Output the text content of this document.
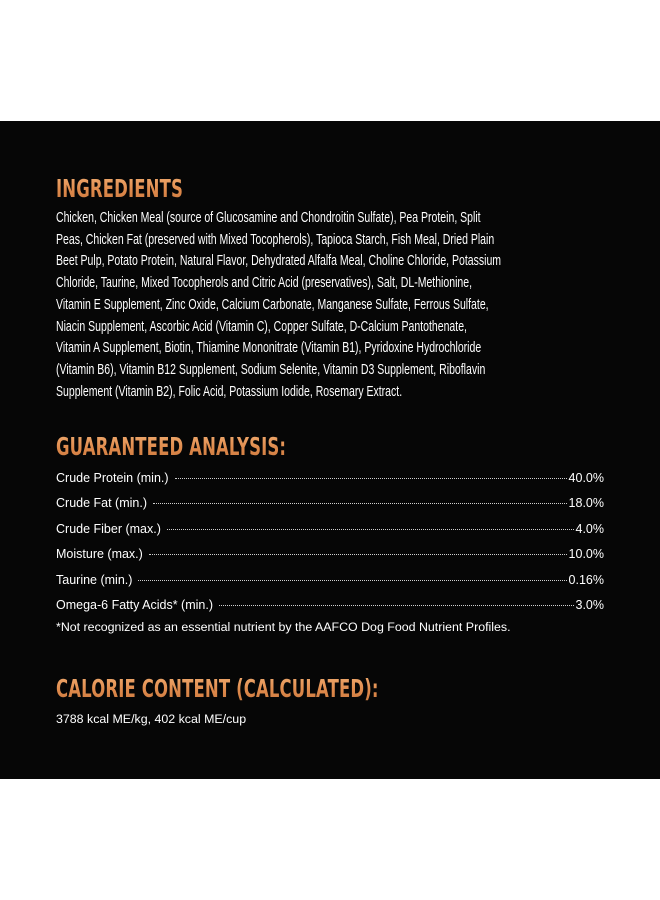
INGREDIENTS
Chicken, Chicken Meal (source of Glucosamine and Chondroitin Sulfate), Pea Protein, Split
Peas, Chicken Fat (preserved with Mixed Tocopherols), Tapioca Starch, Fish Meal, Dried Plain
Beet Pulp, Potato Protein, Natural Flavor, Dehydrated Alfalfa Meal, Choline Chloride, Potassium
Chloride, Taurine, Mixed Tocopherols and Citric Acid (preservatives), Salt, DL-Methionine,
Vitamin E Supplement, Zinc Oxide, Calcium Carbonate, Manganese Sulfate, Ferrous Sulfate,
Niacin Supplement, Ascorbic Acid (Vitamin C), Copper Sulfate, D-Calcium Pantothenate,
Vitamin A Supplement, Biotin, Thiamine Mononitrate (Vitamin B1), Pyridoxine Hydrochloride
(Vitamin B6), Vitamin B12 Supplement, Sodium Selenite, Vitamin D3 Supplement, Riboflavin
Supplement (Vitamin B2), Folic Acid, Potassium Iodide, Rosemary Extract.
GUARANTEED ANALYSIS:
Crude Protein (min.)	40.0%
Crude Fat (min.)	18.0%
Crude Fiber (max.)	4.0%
Moisture (max.)	10.0%
Taurine (min.)	0.16%
Omega-6 Fatty Acids* (min.)	3.0%
*Not recognized as an essential nutrient by the AAFCO Dog Food Nutrient Profiles.
CALORIE CONTENT (CALCULATED):
3788 kcal ME/kg, 402 kcal ME/cup
